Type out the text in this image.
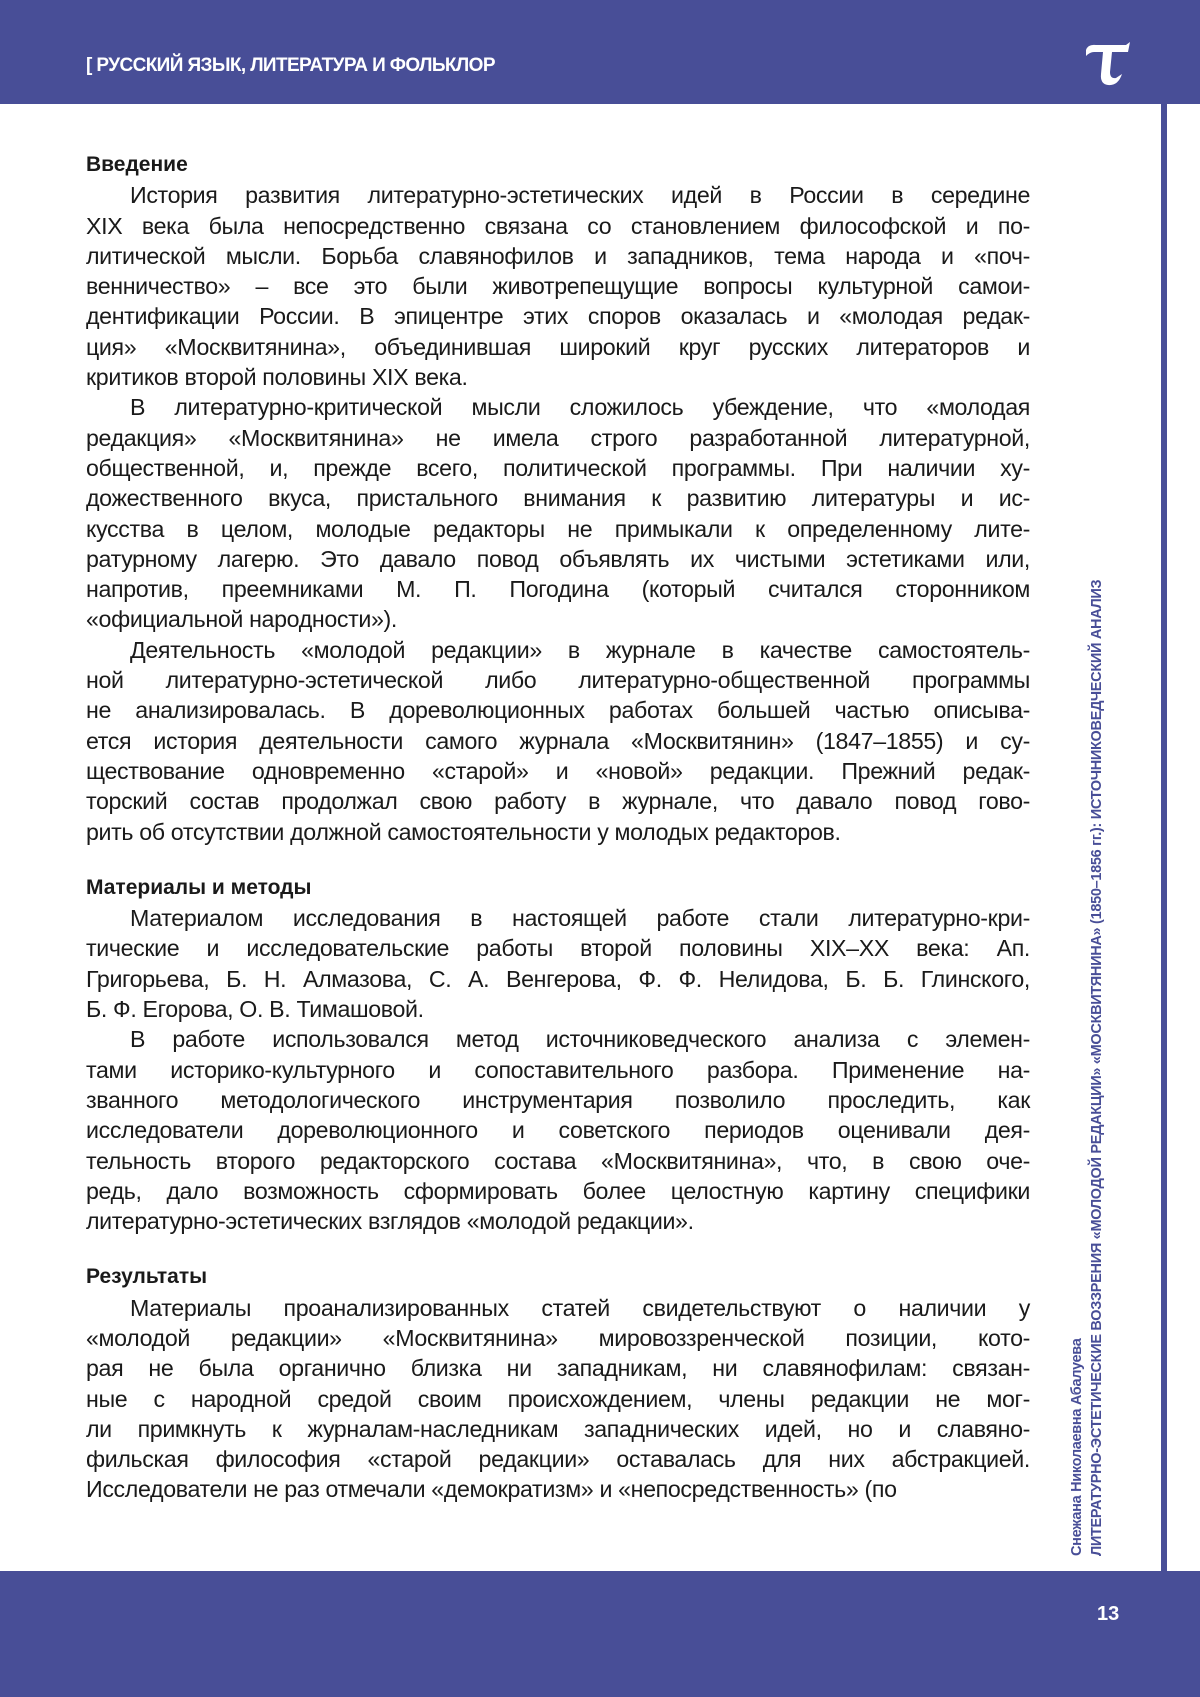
[ РУССКИЙ ЯЗЫК, ЛИТЕРАТУРА И ФОЛЬКЛОР
Снежана Николаевна Абалуева ЛИТЕРАТУРНО-ЭСТЕТИЧЕСКИЕ ВОЗЗРЕНИЯ «МОЛОДОЙ РЕДАКЦИИ» «МОСКВИТЯНИНА» (1850–1856 гг.): ИСТОЧНИКОВЕДЧЕСКИЙ АНАЛИЗ
Введение
История развития литературно-эстетических идей в России в середине
XIX века была непосредственно связана со становлением философской и по-
литической мысли. Борьба славянофилов и западников, тема народа и «поч-
венничество» – все это были животрепещущие вопросы культурной самои-
дентификации России. В эпицентре этих споров оказалась и «молодая редак-
ция» «Москвитянина», объединившая широкий круг русских литераторов и
критиков второй половины XIX века.
В литературно-критической мысли сложилось убеждение, что «молодая
редакция» «Москвитянина» не имела строго разработанной литературной,
общественной, и, прежде всего, политической программы. При наличии ху-
дожественного вкуса, пристального внимания к развитию литературы и ис-
кусства в целом, молодые редакторы не примыкали к определенному лите-
ратурному лагерю. Это давало повод объявлять их чистыми эстетиками или,
напротив, преемниками М. П. Погодина (который считался сторонником
«официальной народности»).
Деятельность «молодой редакции» в журнале в качестве самостоятель-
ной литературно-эстетической либо литературно-общественной программы
не анализировалась. В дореволюционных работах большей частью описыва-
ется история деятельности самого журнала «Москвитянин» (1847–1855) и су-
ществование одновременно «старой» и «новой» редакции. Прежний редак-
торский состав продолжал свою работу в журнале, что давало повод гово-
рить об отсутствии должной самостоятельности у молодых редакторов.
Материалы и методы
Материалом исследования в настоящей работе стали литературно-кри-
тические и исследовательские работы второй половины XIX–XX века: Ап.
Григорьева, Б. Н. Алмазова, С. А. Венгерова, Ф. Ф. Нелидова, Б. Б. Глинского,
Б. Ф. Егорова, О. В. Тимашовой.
В работе использовался метод источниковедческого анализа с элемен-
тами историко-культурного и сопоставительного разбора. Применение на-
званного методологического инструментария позволило проследить, как
исследователи дореволюционного и советского периодов оценивали дея-
тельность второго редакторского состава «Москвитянина», что, в свою оче-
редь, дало возможность сформировать более целостную картину специфики
литературно-эстетических взглядов «молодой редакции».
Результаты
Материалы проанализированных статей свидетельствуют о наличии у
«молодой редакции» «Москвитянина» мировоззренческой позиции, кото-
рая не была органично близка ни западникам, ни славянофилам: связан-
ные с народной средой своим происхождением, члены редакции не мог-
ли примкнуть к журналам-наследникам западнических идей, но и славяно-
фильская философия «старой редакции» оставалась для них абстракцией.
Исследователи не раз отмечали «демократизм» и «непосредственность» (по
13
